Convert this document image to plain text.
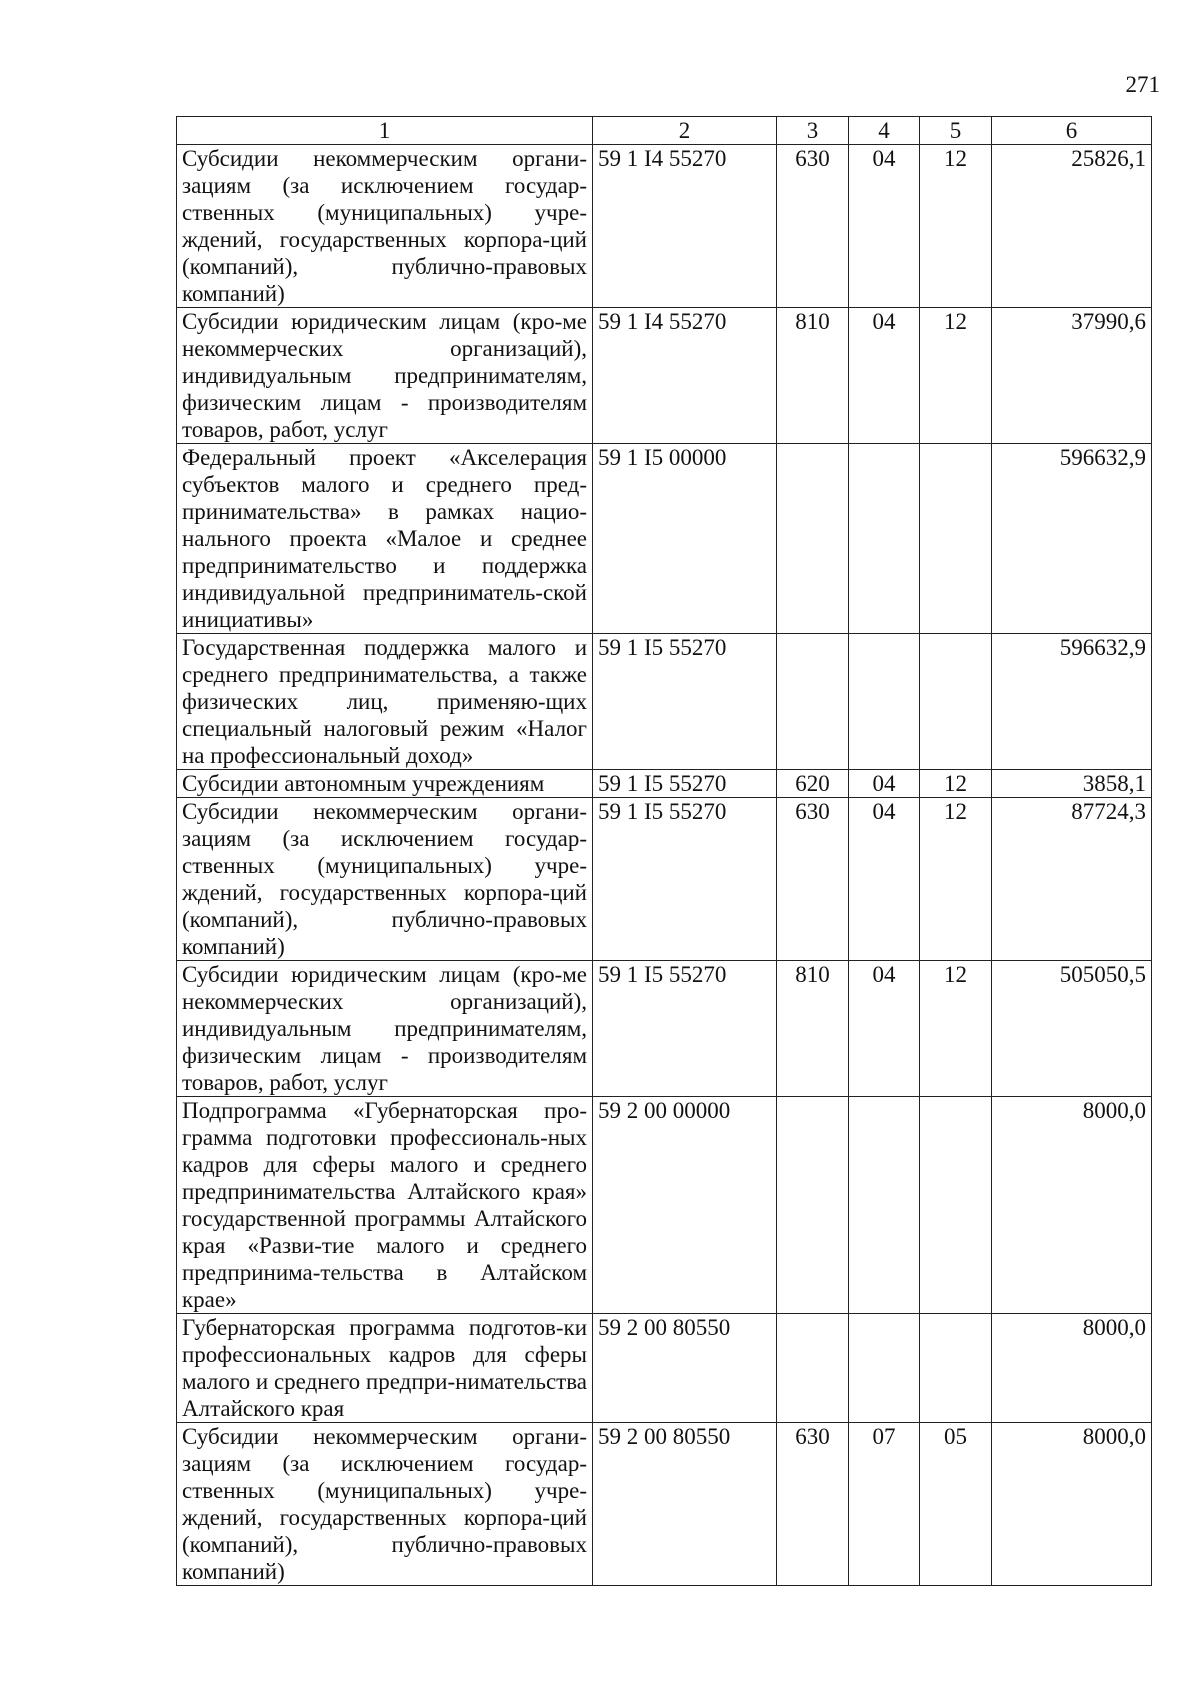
271
1	2	3	4	5	6
Субсидии некоммерческим органи-зациям (за исключением государ-ственных (муниципальных) учре-ждений, государственных корпора-ций (компаний), публично-правовых компаний)	59 1 I4 55270	630	04	12	25826,1
Субсидии юридическим лицам (кро-ме некоммерческих организаций), индивидуальным предпринимателям, физическим лицам - производителям товаров, работ, услуг	59 1 I4 55270	810	04	12	37990,6
Федеральный проект «Акселерация субъектов малого и среднего пред-принимательства» в рамках нацио-нального проекта «Малое и среднее предпринимательство и поддержка индивидуальной предприниматель-ской инициативы»	59 1 I5 00000				596632,9
Государственная поддержка малого и среднего предпринимательства, а также физических лиц, применяю-щих специальный налоговый режим «Налог на профессиональный доход»	59 1 I5 55270				596632,9
Субсидии автономным учреждениям	59 1 I5 55270	620	04	12	3858,1
Субсидии некоммерческим органи-зациям (за исключением государ-ственных (муниципальных) учре-ждений, государственных корпора-ций (компаний), публично-правовых компаний)	59 1 I5 55270	630	04	12	87724,3
Субсидии юридическим лицам (кро-ме некоммерческих организаций), индивидуальным предпринимателям, физическим лицам - производителям товаров, работ, услуг	59 1 I5 55270	810	04	12	505050,5
Подпрограмма «Губернаторская про-грамма подготовки профессиональ-ных кадров для сферы малого и среднего предпринимательства Алтайского края» государственной программы Алтайского края «Разви-тие малого и среднего предпринима-тельства в Алтайском крае»	59 2 00 00000				8000,0
Губернаторская программа подготов-ки профессиональных кадров для сферы малого и среднего предпри-нимательства Алтайского края	59 2 00 80550				8000,0
Субсидии некоммерческим органи-зациям (за исключением государ-ственных (муниципальных) учре-ждений, государственных корпора-ций (компаний), публично-правовых компаний)	59 2 00 80550	630	07	05	8000,0
